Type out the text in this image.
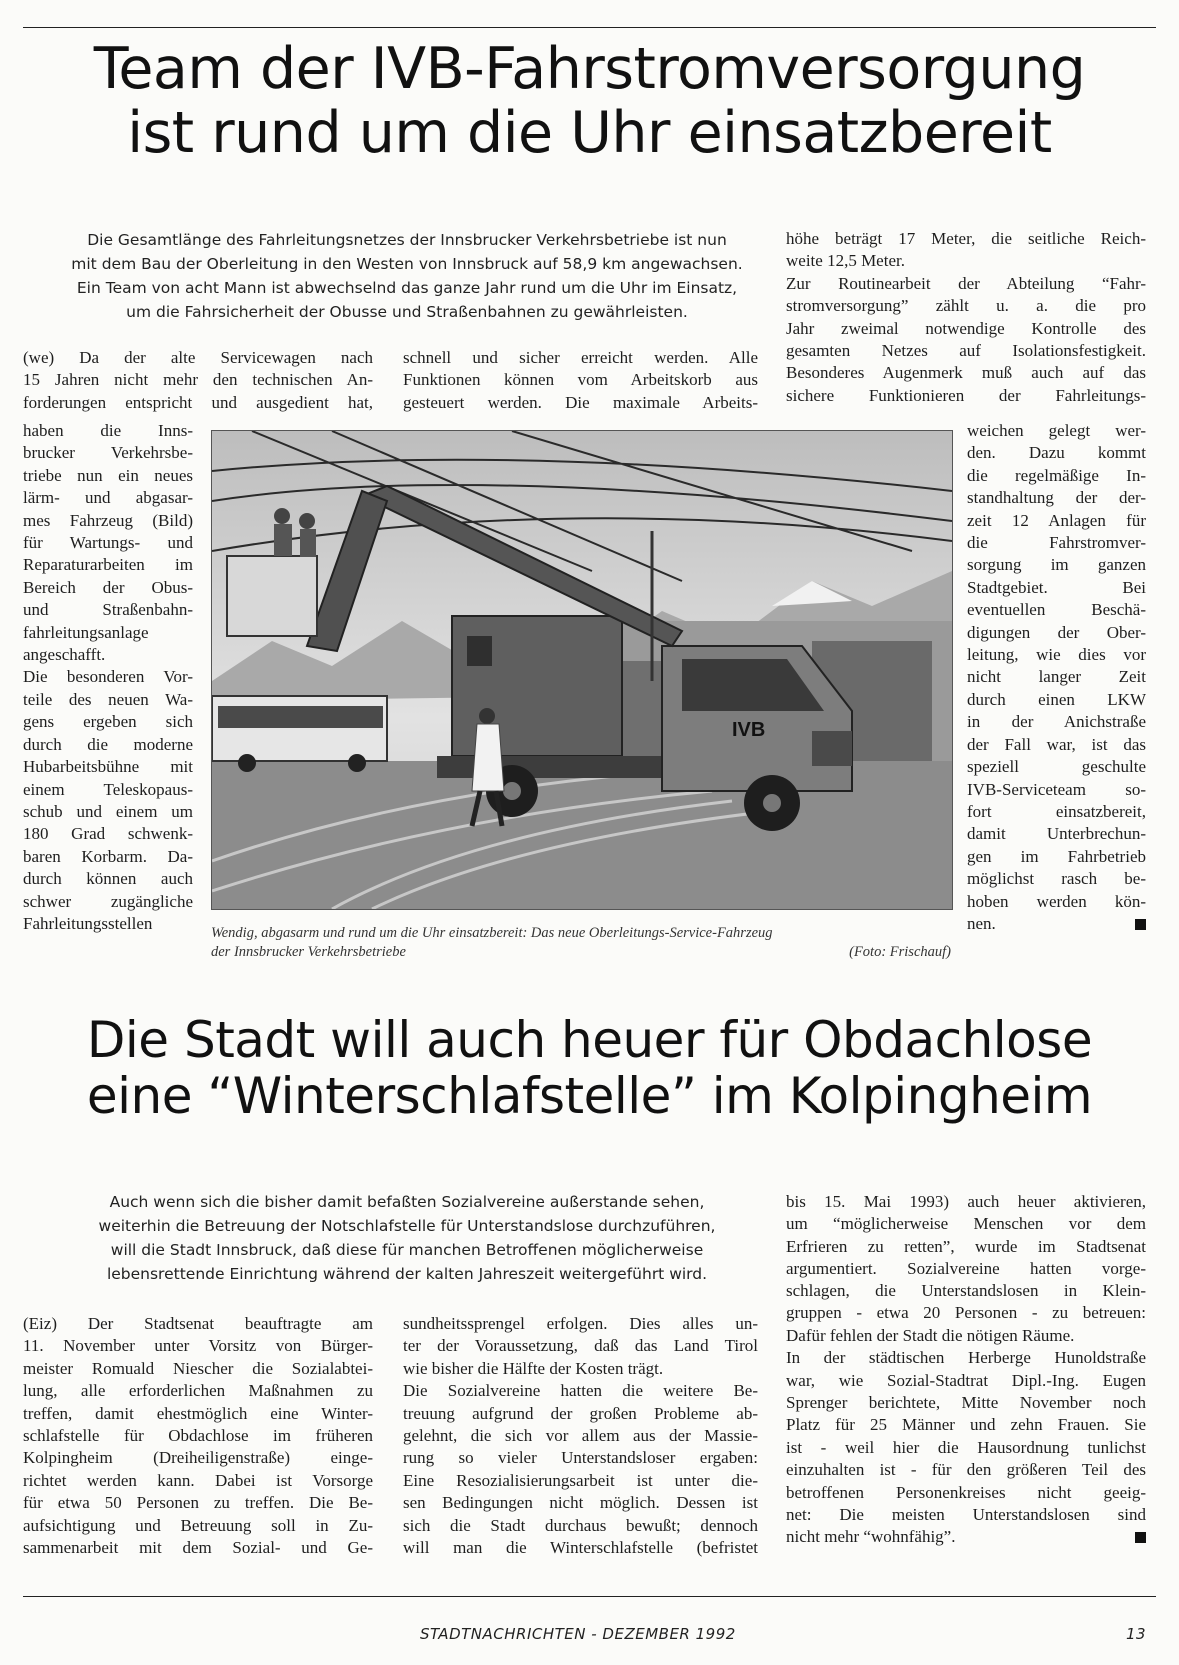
Team der IVB-Fahrstromversorgung
ist rund um die Uhr einsatzbereit
Die Gesamtlänge des Fahrleitungsnetzes der Innsbrucker Verkehrsbetriebe ist nun
mit dem Bau der Oberleitung in den Westen von Innsbruck auf 58,9 km angewachsen.
Ein Team von acht Mann ist abwechselnd das ganze Jahr rund um die Uhr im Einsatz,
um die Fahrsicherheit der Obusse und Straßenbahnen zu gewährleisten.
(we) Da der alte Servicewagen nach
15 Jahren nicht mehr den technischen An-
forderungen entspricht und ausgedient hat,
haben die Inns-
brucker Verkehrsbe-
triebe nun ein neues
lärm- und abgasar-
mes Fahrzeug (Bild)
für Wartungs- und
Reparaturarbeiten im
Bereich der Obus-
und Straßenbahn-
fahrleitungsanlage
angeschafft.
Die besonderen Vor-
teile des neuen Wa-
gens ergeben sich
durch die moderne
Hubarbeitsbühne mit
einem Teleskopaus-
schub und einem um
180 Grad schwenk-
baren Korbarm. Da-
durch können auch
schwer zugängliche
Fahrleitungsstellen
schnell und sicher erreicht werden. Alle
Funktionen können vom Arbeitskorb aus
gesteuert werden. Die maximale Arbeits-
höhe beträgt 17 Meter, die seitliche Reich-
weite 12,5 Meter.
Zur Routinearbeit der Abteilung “Fahr-
stromversorgung” zählt u. a. die pro
Jahr zweimal notwendige Kontrolle des
gesamten Netzes auf Isolationsfestigkeit.
Besonderes Augenmerk muß auch auf das
sichere Funktionieren der Fahrleitungs-
weichen gelegt wer-
den. Dazu kommt
die regelmäßige In-
standhaltung der der-
zeit 12 Anlagen für
die Fahrstromver-
sorgung im ganzen
Stadtgebiet. Bei
eventuellen Beschä-
digungen der Ober-
leitung, wie dies vor
nicht langer Zeit
durch einen LKW
in der Anichstraße
der Fall war, ist das
speziell geschulte
IVB-Serviceteam so-
fort einsatzbereit,
damit Unterbrechun-
gen im Fahrbetrieb
möglichst rasch be-
hoben werden kön-
nen.
IVB
Wendig, abgasarm und rund um die Uhr einsatzbereit: Das neue Oberleitungs-Service-Fahrzeug
der Innsbrucker Verkehrsbetriebe	(Foto: Frischauf)
Die Stadt will auch heuer für Obdachlose
eine “Winterschlafstelle” im Kolpingheim
Auch wenn sich die bisher damit befaßten Sozialvereine außerstande sehen,
weiterhin die Betreuung der Notschlafstelle für Unterstandslose durchzuführen,
will die Stadt Innsbruck, daß diese für manchen Betroffenen möglicherweise
lebensrettende Einrichtung während der kalten Jahreszeit weitergeführt wird.
(Eiz) Der Stadtsenat beauftragte am
11. November unter Vorsitz von Bürger-
meister Romuald Niescher die Sozialabtei-
lung, alle erforderlichen Maßnahmen zu
treffen, damit ehestmöglich eine Winter-
schlafstelle für Obdachlose im früheren
Kolpingheim (Dreiheiligenstraße) einge-
richtet werden kann. Dabei ist Vorsorge
für etwa 50 Personen zu treffen. Die Be-
aufsichtigung und Betreuung soll in Zu-
sammenarbeit mit dem Sozial- und Ge-
sundheitssprengel erfolgen. Dies alles un-
ter der Voraussetzung, daß das Land Tirol
wie bisher die Hälfte der Kosten trägt.
Die Sozialvereine hatten die weitere Be-
treuung aufgrund der großen Probleme ab-
gelehnt, die sich vor allem aus der Massie-
rung so vieler Unterstandsloser ergaben:
Eine Resozialisierungsarbeit ist unter die-
sen Bedingungen nicht möglich. Dessen ist
sich die Stadt durchaus bewußt; dennoch
will man die Winterschlafstelle (befristet
bis 15. Mai 1993) auch heuer aktivieren,
um “möglicherweise Menschen vor dem
Erfrieren zu retten”, wurde im Stadtsenat
argumentiert. Sozialvereine hatten vorge-
schlagen, die Unterstandslosen in Klein-
gruppen - etwa 20 Personen - zu betreuen:
Dafür fehlen der Stadt die nötigen Räume.
In der städtischen Herberge Hunoldstraße
war, wie Sozial-Stadtrat Dipl.-Ing. Eugen
Sprenger berichtete, Mitte November noch
Platz für 25 Männer und zehn Frauen. Sie
ist - weil hier die Hausordnung tunlichst
einzuhalten ist - für den größeren Teil des
betroffenen Personenkreises nicht geeig-
net: Die meisten Unterstandslosen sind
nicht mehr “wohnfähig”.
STADTNACHRICHTEN - DEZEMBER 1992	13
